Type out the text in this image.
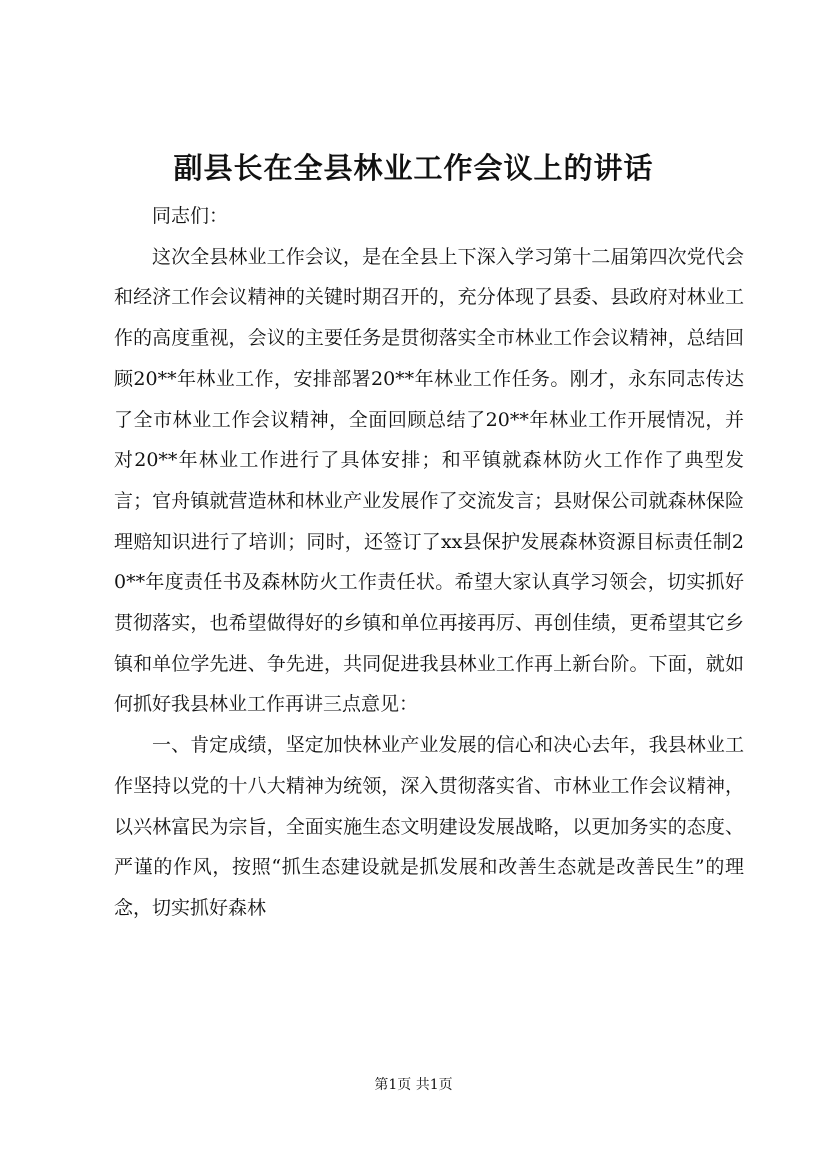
副县长在全县林业工作会议上的讲话

同志们：

这次全县林业工作会议，是在全县上下深入学习第十二届第四次党代会和经济工作会议精神的关键时期召开的，充分体现了县委、县政府对林业工作的高度重视，会议的主要任务是贯彻落实全市林业工作会议精神，总结回顾20**年林业工作，安排部署20**年林业工作任务。刚才，永东同志传达了全市林业工作会议精神，全面回顾总结了20**年林业工作开展情况，并对20**年林业工作进行了具体安排；和平镇就森林防火工作作了典型发言；官舟镇就营造林和林业产业发展作了交流发言；县财保公司就森林保险理赔知识进行了培训；同时，还签订了xx县保护发展森林资源目标责任制20**年度责任书及森林防火工作责任状。希望大家认真学习领会，切实抓好贯彻落实，也希望做得好的乡镇和单位再接再厉、再创佳绩，更希望其它乡镇和单位学先进、争先进，共同促进我县林业工作再上新台阶。下面，就如何抓好我县林业工作再讲三点意见：

一、肯定成绩，坚定加快林业产业发展的信心和决心去年，我县林业工作坚持以党的十八大精神为统领，深入贯彻落实省、市林业工作会议精神，以兴林富民为宗旨，全面实施生态文明建设发展战略，以更加务实的态度、严谨的作风，按照“抓生态建设就是抓发展和改善生态就是改善民生”的理念，切实抓好森林

第1页 共1页
